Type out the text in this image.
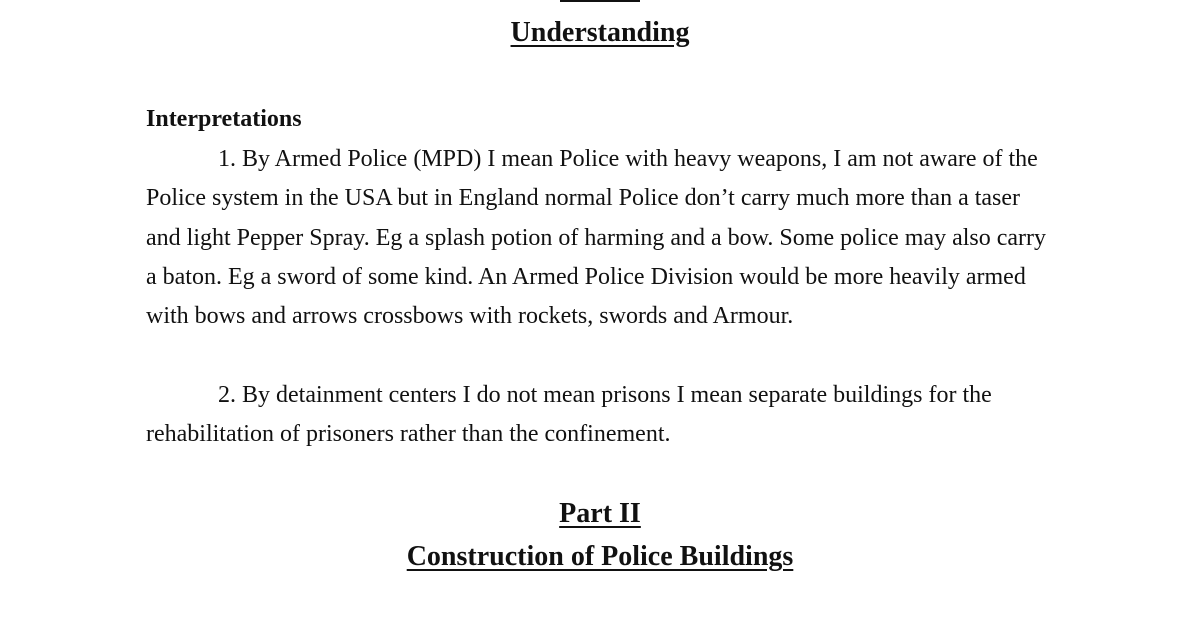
Understanding
Interpretations

1. By Armed Police (MPD) I mean Police with heavy weapons, I am not aware of the Police system in the USA but in England normal Police don’t carry much more than a taser and light Pepper Spray. Eg a splash potion of harming and a bow. Some police may also carry a baton. Eg a sword of some kind. An Armed Police Division would be more heavily armed with bows and arrows crossbows with rockets, swords and Armour.

2. By detainment centers I do not mean prisons I mean separate buildings for the rehabilitation of prisoners rather than the confinement.

Part II
Construction of Police Buildings
